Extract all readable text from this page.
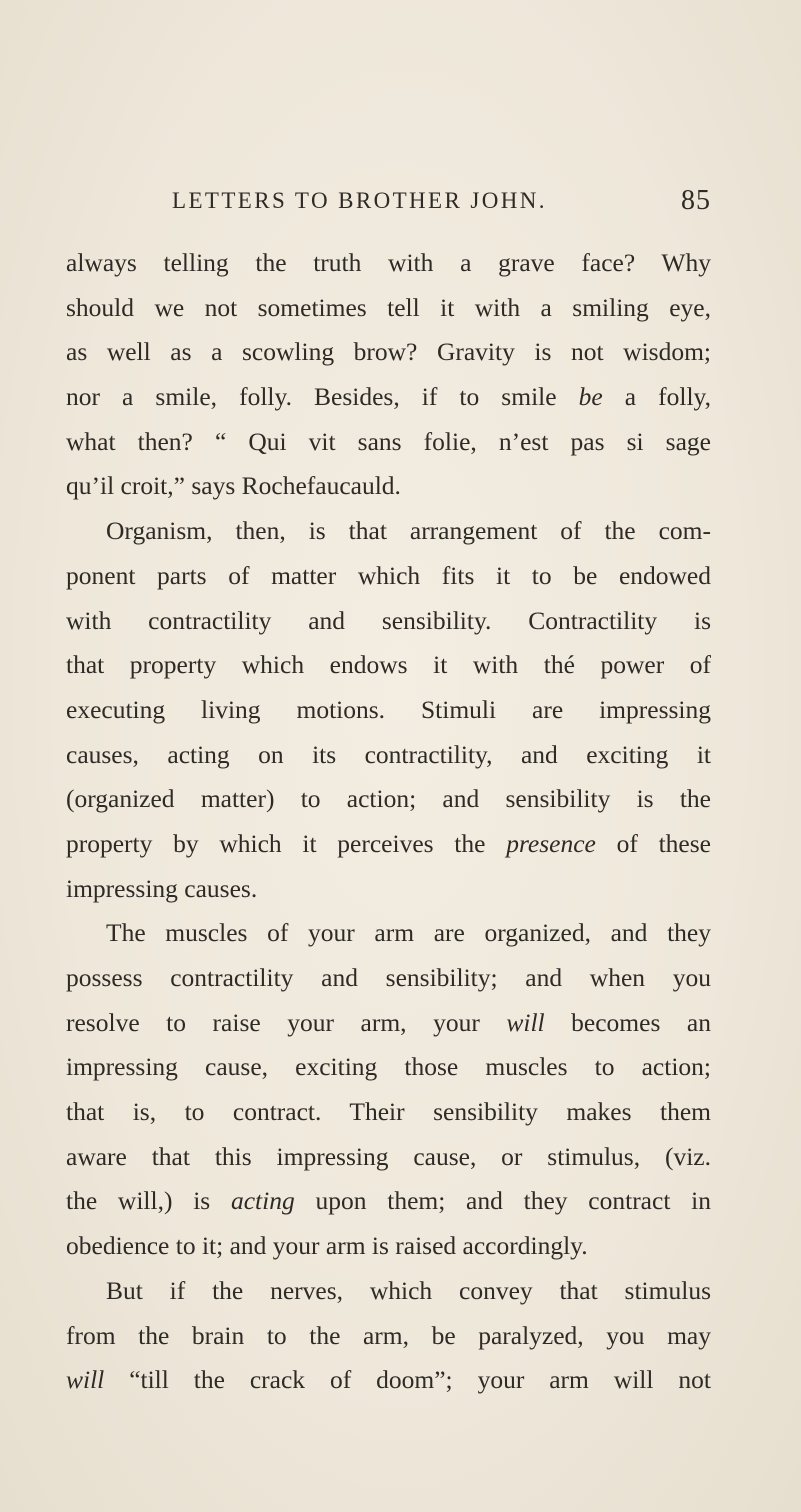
LETTERS TO BROTHER JOHN.	85
always telling the truth with a grave face? Why
should we not sometimes tell it with a smiling eye,
as well as a scowling brow? Gravity is not wisdom;
nor a smile, folly. Besides, if to smile be a folly,
what then? “ Qui vit sans folie, n’est pas si sage
qu’il croit,” says Rochefaucauld.
Organism, then, is that arrangement of the com-
ponent parts of matter which fits it to be endowed
with contractility and sensibility. Contractility is
that property which endows it with thé power of
executing living motions. Stimuli are impressing
causes, acting on its contractility, and exciting it
(organized matter) to action; and sensibility is the
property by which it perceives the presence of these
impressing causes.
The muscles of your arm are organized, and they
possess contractility and sensibility; and when you
resolve to raise your arm, your will becomes an
impressing cause, exciting those muscles to action;
that is, to contract. Their sensibility makes them
aware that this impressing cause, or stimulus, (viz.
the will,) is acting upon them; and they contract in
obedience to it; and your arm is raised accordingly.
But if the nerves, which convey that stimulus
from the brain to the arm, be paralyzed, you may
will “till the crack of doom”; your arm will not
